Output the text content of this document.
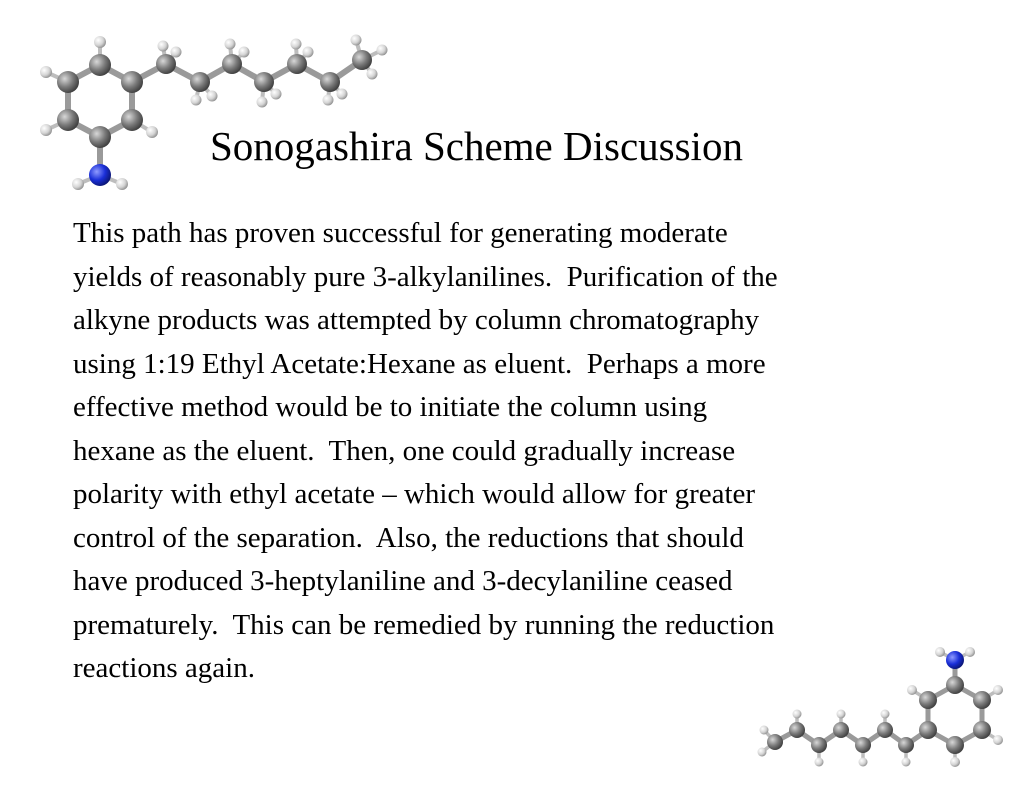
Sonogashira Scheme Discussion
This path has proven successful for generating moderate
yields of reasonably pure 3-alkylanilines.  Purification of the
alkyne products was attempted by column chromatography
using 1:19 Ethyl Acetate:Hexane as eluent.  Perhaps a more
effective method would be to initiate the column using
hexane as the eluent.  Then, one could gradually increase
polarity with ethyl acetate – which would allow for greater
control of the separation.  Also, the reductions that should
have produced 3-heptylaniline and 3-decylaniline ceased
prematurely.  This can be remedied by running the reduction
reactions again.
